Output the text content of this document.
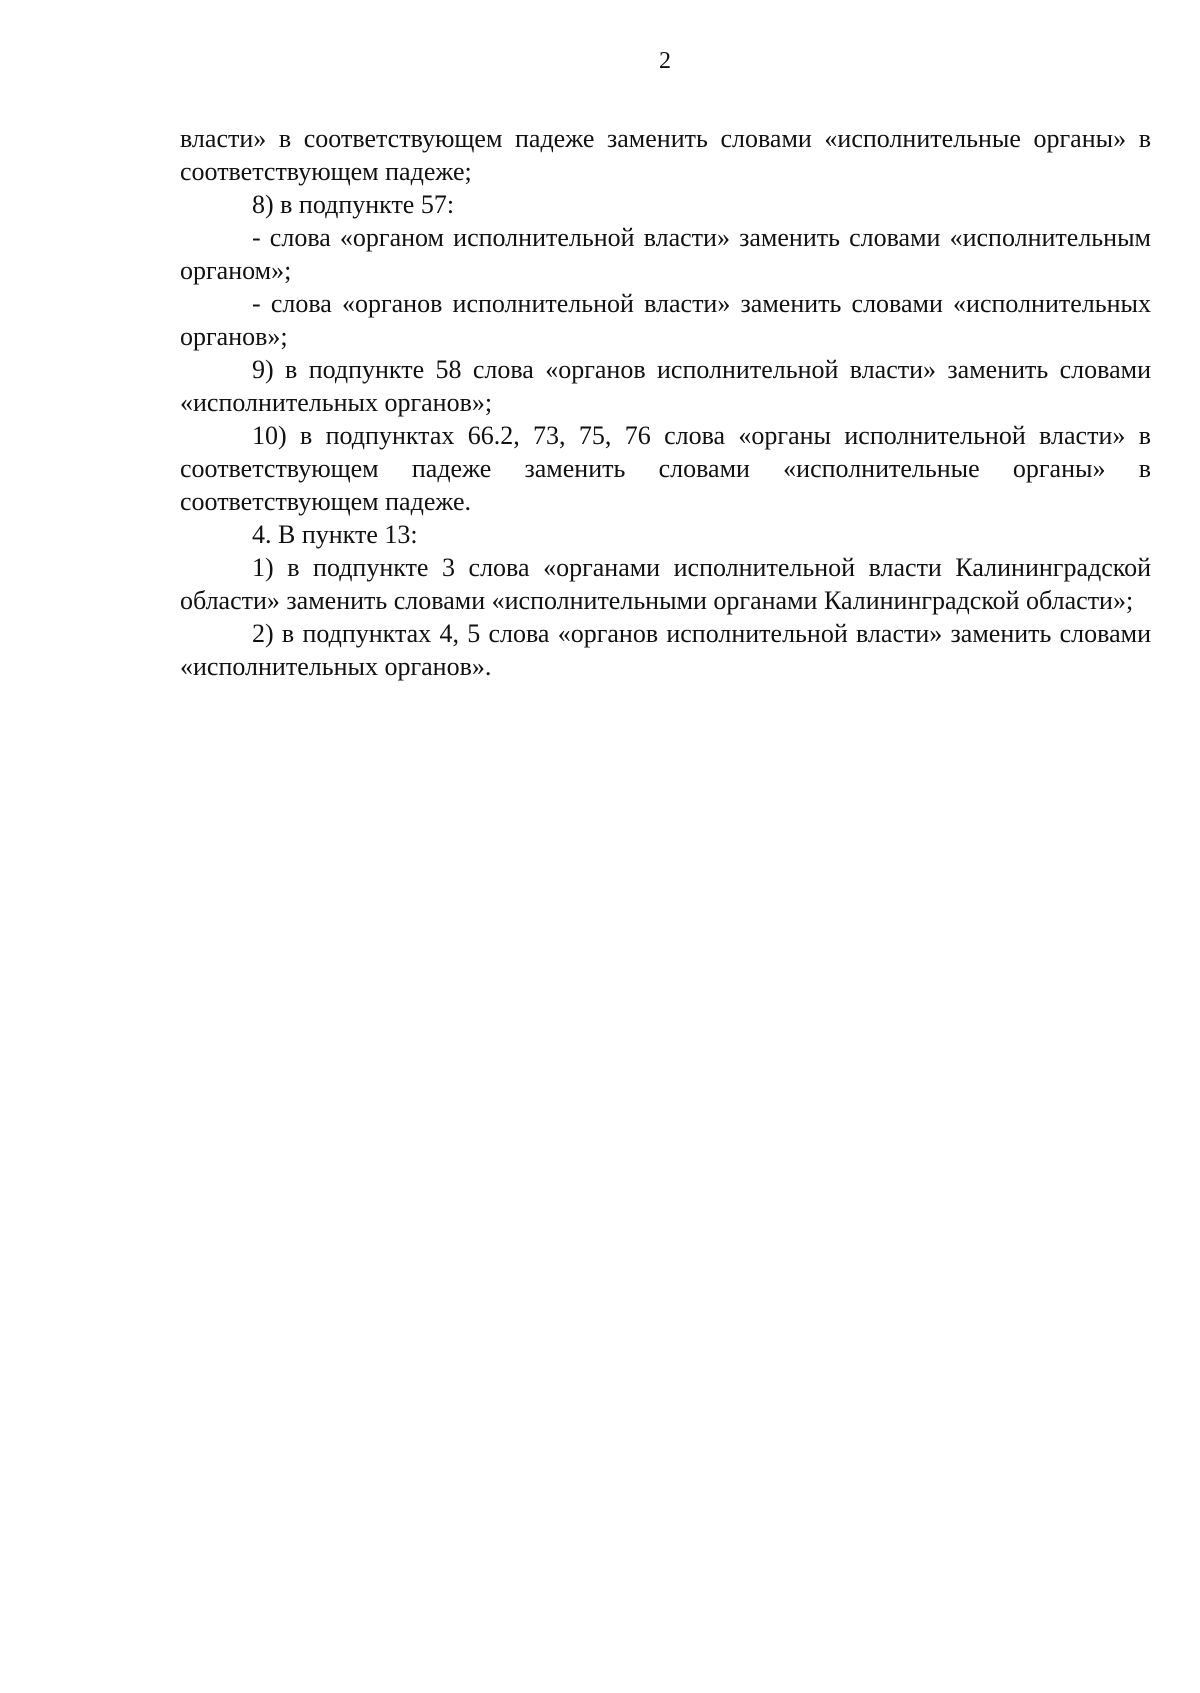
2

власти» в соответствующем падеже заменить словами «исполнительные органы» в соответствующем падеже;

8) в подпункте 57:

- слова «органом исполнительной власти» заменить словами «исполнительным органом»;

- слова «органов исполнительной власти» заменить словами «исполнительных органов»;

9) в подпункте 58 слова «органов исполнительной власти» заменить словами «исполнительных органов»;

10) в подпунктах 66.2, 73, 75, 76 слова «органы исполнительной власти» в соответствующем падеже заменить словами «исполнительные органы» в соответствующем падеже.

4. В пункте 13:

1) в подпункте 3 слова «органами исполнительной власти Калининградской области» заменить словами «исполнительными органами Калининградской области»;

2) в подпунктах 4, 5 слова «органов исполнительной власти» заменить словами «исполнительных органов».
